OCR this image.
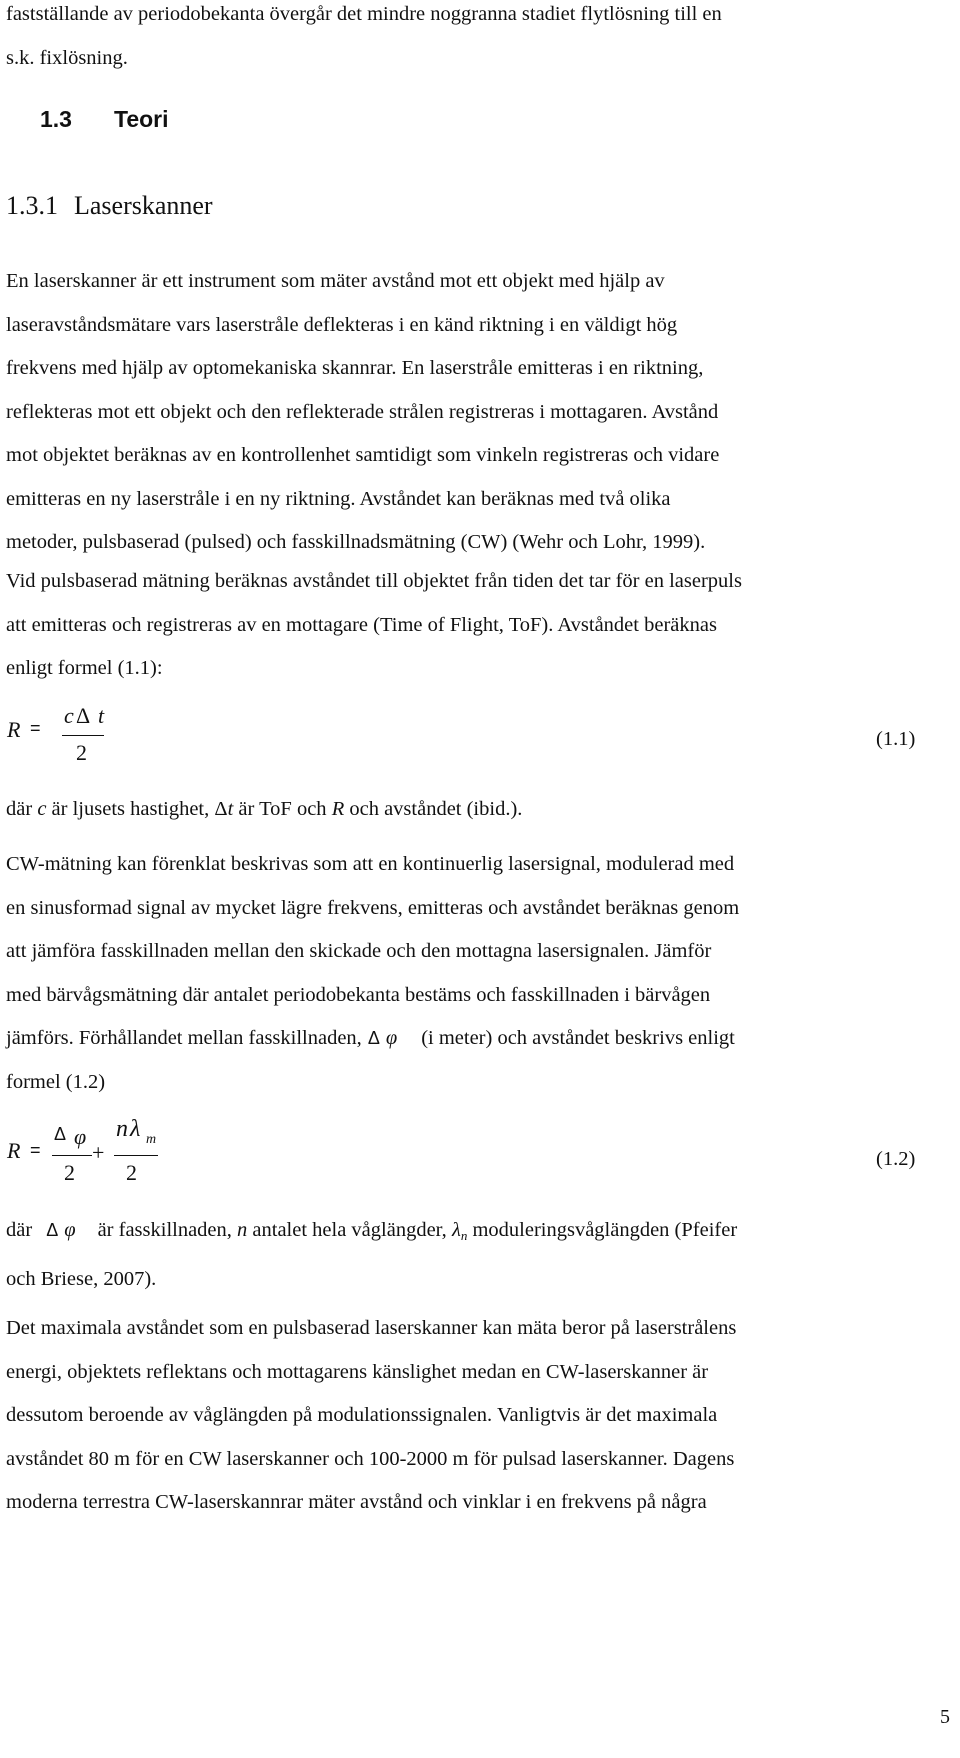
fastställande av periodobekanta övergår det mindre noggranna stadiet flytlösning till en
s.k. fixlösning.
1.3 Teori
1.3.1 Laserskanner
En laserskanner är ett instrument som mäter avstånd mot ett objekt med hjälp av
laseravståndsmätare vars laserstråle deflekteras i en känd riktning i en väldigt hög
frekvens med hjälp av optomekaniska skannrar. En laserstråle emitteras i en riktning,
reflekteras mot ett objekt och den reflekterade strålen registreras i mottagaren. Avstånd
mot objektet beräknas av en kontrollenhet samtidigt som vinkeln registreras och vidare
emitteras en ny laserstråle i en ny riktning. Avståndet kan beräknas med två olika
metoder, pulsbaserad (pulsed) och fasskillnadsmätning (CW) (Wehr och Lohr, 1999).
Vid pulsbaserad mätning beräknas avståndet till objektet från tiden det tar för en laserpuls
att emitteras och registreras av en mottagare (Time of Flight, ToF). Avståndet beräknas
enligt formel (1.1):
R = c Δ t
2
(1.1)
där c är ljusets hastighet, Δt är ToF och R och avståndet (ibid.).
CW-mätning kan förenklat beskrivas som att en kontinuerlig lasersignal, modulerad med
en sinusformad signal av mycket lägre frekvens, emitteras och avståndet beräknas genom
att jämföra fasskillnaden mellan den skickade och den mottagna lasersignalen. Jämför
med bärvågsmätning där antalet periodobekanta bestäms och fasskillnaden i bärvågen
jämförs. Förhållandet mellan fasskillnaden, Δ φ (i meter) och avståndet beskrivs enligt
formel (1.2)
R =
Δ φ
2
+
n λ m
2
(1.2)
där Δ φ är fasskillnaden, n antalet hela våglängder, λn moduleringsvåglängden (Pfeifer
och Briese, 2007).
Det maximala avståndet som en pulsbaserad laserskanner kan mäta beror på laserstrålens
energi, objektets reflektans och mottagarens känslighet medan en CW-laserskanner är
dessutom beroende av våglängden på modulationssignalen. Vanligtvis är det maximala
avståndet 80 m för en CW laserskanner och 100-2000 m för pulsad laserskanner. Dagens
moderna terrestra CW-laserskannrar mäter avstånd och vinklar i en frekvens på några
5
